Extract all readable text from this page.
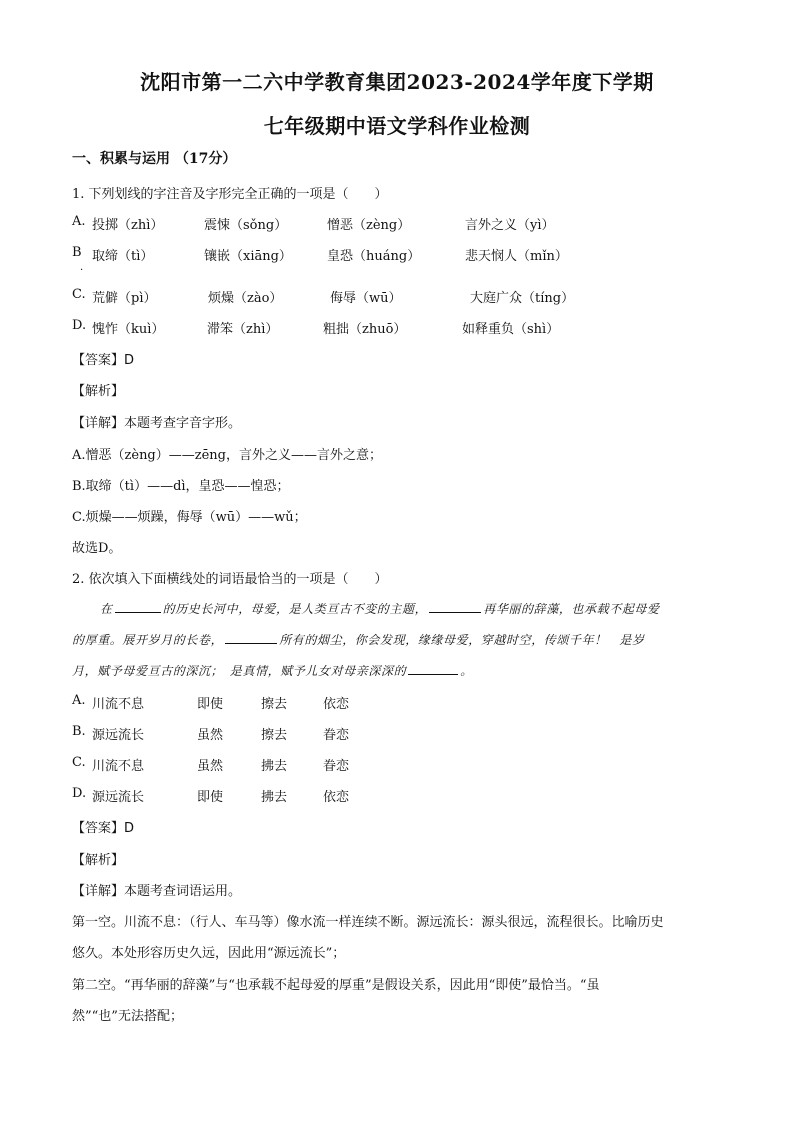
沈阳市第一二六中学教育集团2023-2024学年度下学期
七年级期中语文学科作业检测
一、积累与运用 （17分）
1. 下列划线的字注音及字形完全正确的一项是（　　）
A. 投掷（zhì）	震悚（sǒng）	憎恶（zèng）	言外之义（yì）
B 取缔（tì）	镶嵌（xiāng）	皇恐（huáng）	悲天悯人（mǐn）
·
C. 荒僻（pì）	烦燥（zào）	侮辱（wū）	大庭广众（tíng）
D. 愧怍（kuì）	滞笨（zhì）	粗拙（zhuō）	如释重负（shì）
【答案】D
【解析】
【详解】本题考查字音字形。
A.憎恶（zèng）——zēng，言外之义——言外之意；
B.取缔（tì）——dì，皇恐——惶恐；
C.烦燥——烦躁，侮辱（wū）——wǔ；
故选D。
2. 依次填入下面横线处的词语最恰当的一项是（　　）
在	的历史长河中，母爱，是人类亘古不变的主题，	再华丽的辞藻，也承载不起母爱
的厚重。展开岁月的长卷，	所有的烟尘，你会发现，缘缘母爱，穿越时空，传颂千年！　是岁
月，赋予母爱亘古的深沉；　是真情，赋予儿女对母亲深深的	。
A. 川流不息	即使	擦去	依恋
B. 源远流长	虽然	擦去	眷恋
C. 川流不息	虽然	拂去	眷恋
D. 源远流长	即使	拂去	依恋
【答案】D
【解析】
【详解】本题考查词语运用。
第一空。川流不息：（行人、车马等）像水流一样连续不断。源远流长：源头很远，流程很长。比喻历史
悠久。本处形容历史久远，因此用“源远流长”；
第二空。“再华丽的辞藻”与“也承载不起母爱的厚重”是假设关系，因此用“即使”最恰当。“虽
然”“也”无法搭配；
